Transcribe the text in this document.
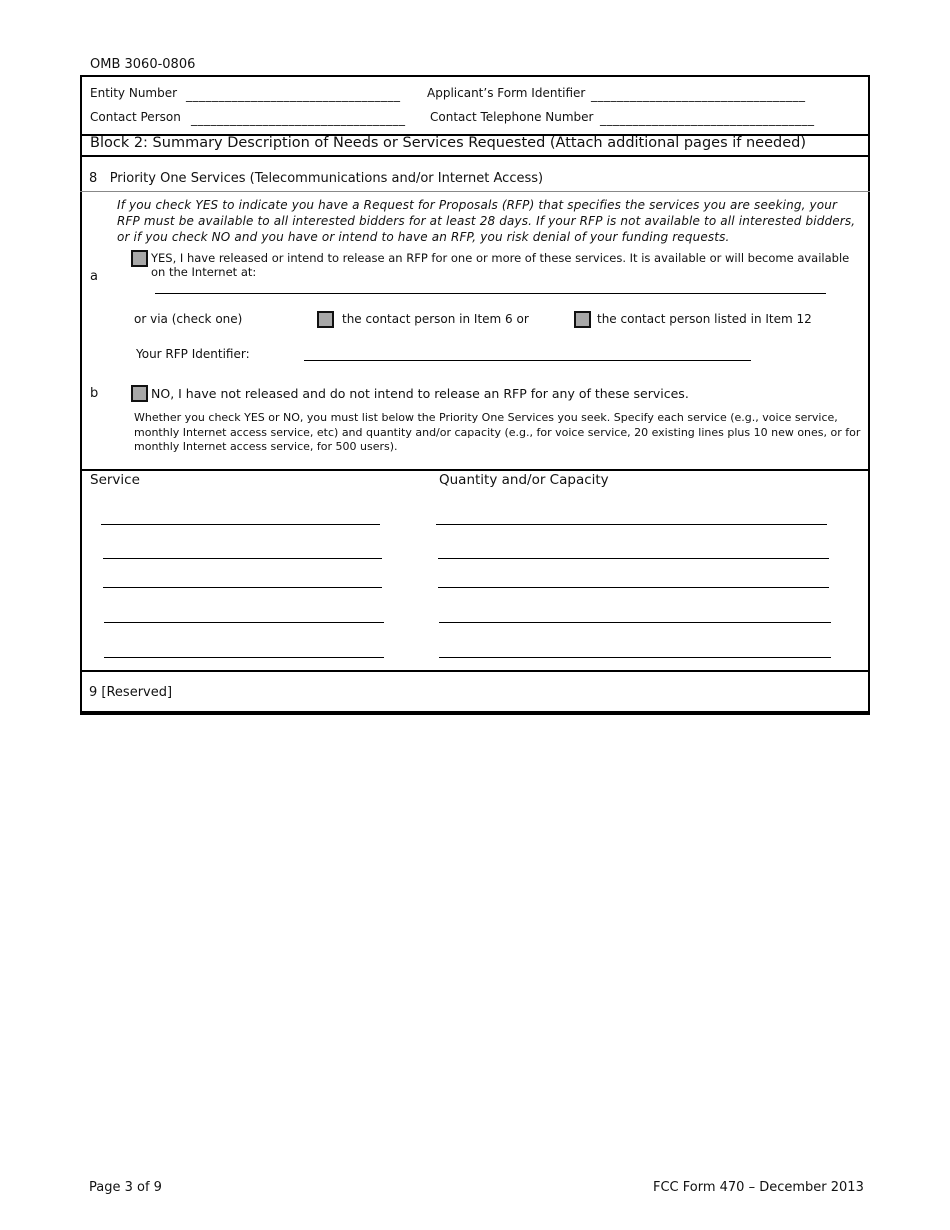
OMB 3060-0806
Entity Number _________________________________ Applicant’s Form Identifier _________________________________
Contact Person _________________________________ Contact Telephone Number _________________________________
Block 2: Summary Description of Needs or Services Requested (Attach additional pages if needed)
8 Priority One Services (Telecommunications and/or Internet Access)
If you check YES to indicate you have a Request for Proposals (RFP) that specifies the services you are seeking, your RFP must be available to all interested bidders for at least 28 days. If your RFP is not available to all interested bidders, or if you check NO and you have or intend to have an RFP, you risk denial of your funding requests.
a
YES, I have released or intend to release an RFP for one or more of these services. It is available or will become available on the Internet at:
or via (check one)	the contact person in Item 6 or	the contact person listed in Item 12
Your RFP Identifier:
b	NO, I have not released and do not intend to release an RFP for any of these services.
Whether you check YES or NO, you must list below the Priority One Services you seek. Specify each service (e.g., voice service, monthly Internet access service, etc) and quantity and/or capacity (e.g., for voice service, 20 existing lines plus 10 new ones, or for monthly Internet access service, for 500 users).
Service	Quantity and/or Capacity
9 [Reserved]
Page 3 of 9	FCC Form 470 – December 2013
